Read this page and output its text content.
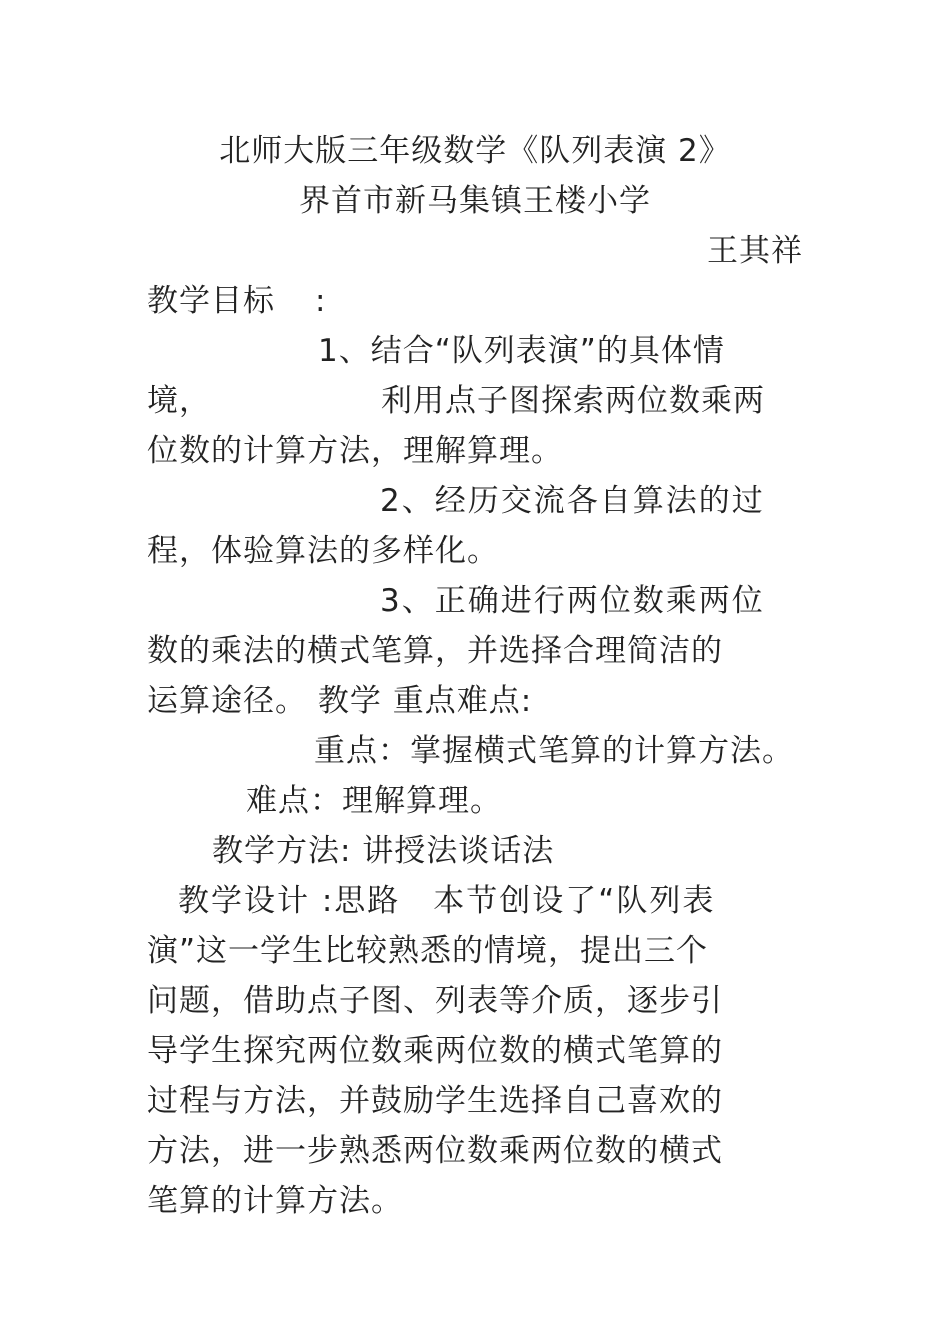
北师大版三年级数学《队列表演 2》
界首市新马集镇王楼小学
王其祥
教学目标 :
1、结合“队列表演”的具体情
境，	利用点子图探索两位数乘两
位数的计算方法，理解算理。
2、经历交流各自算法的过
程，体验算法的多样化。
3、正确进行两位数乘两位
数的乘法的横式笔算，并选择合理简洁的
运算途径。 教学 重点难点:
重点：掌握横式笔算的计算方法。
难点：理解算理。
教学方法: 讲授法谈话法
教学设计 :思路　本节创设了“队列表
演”这一学生比较熟悉的情境，提出三个
问题，借助点子图、列表等介质，逐步引
导学生探究两位数乘两位数的横式笔算的
过程与方法，并鼓励学生选择自己喜欢的
方法，进一步熟悉两位数乘两位数的横式
笔算的计算方法。
